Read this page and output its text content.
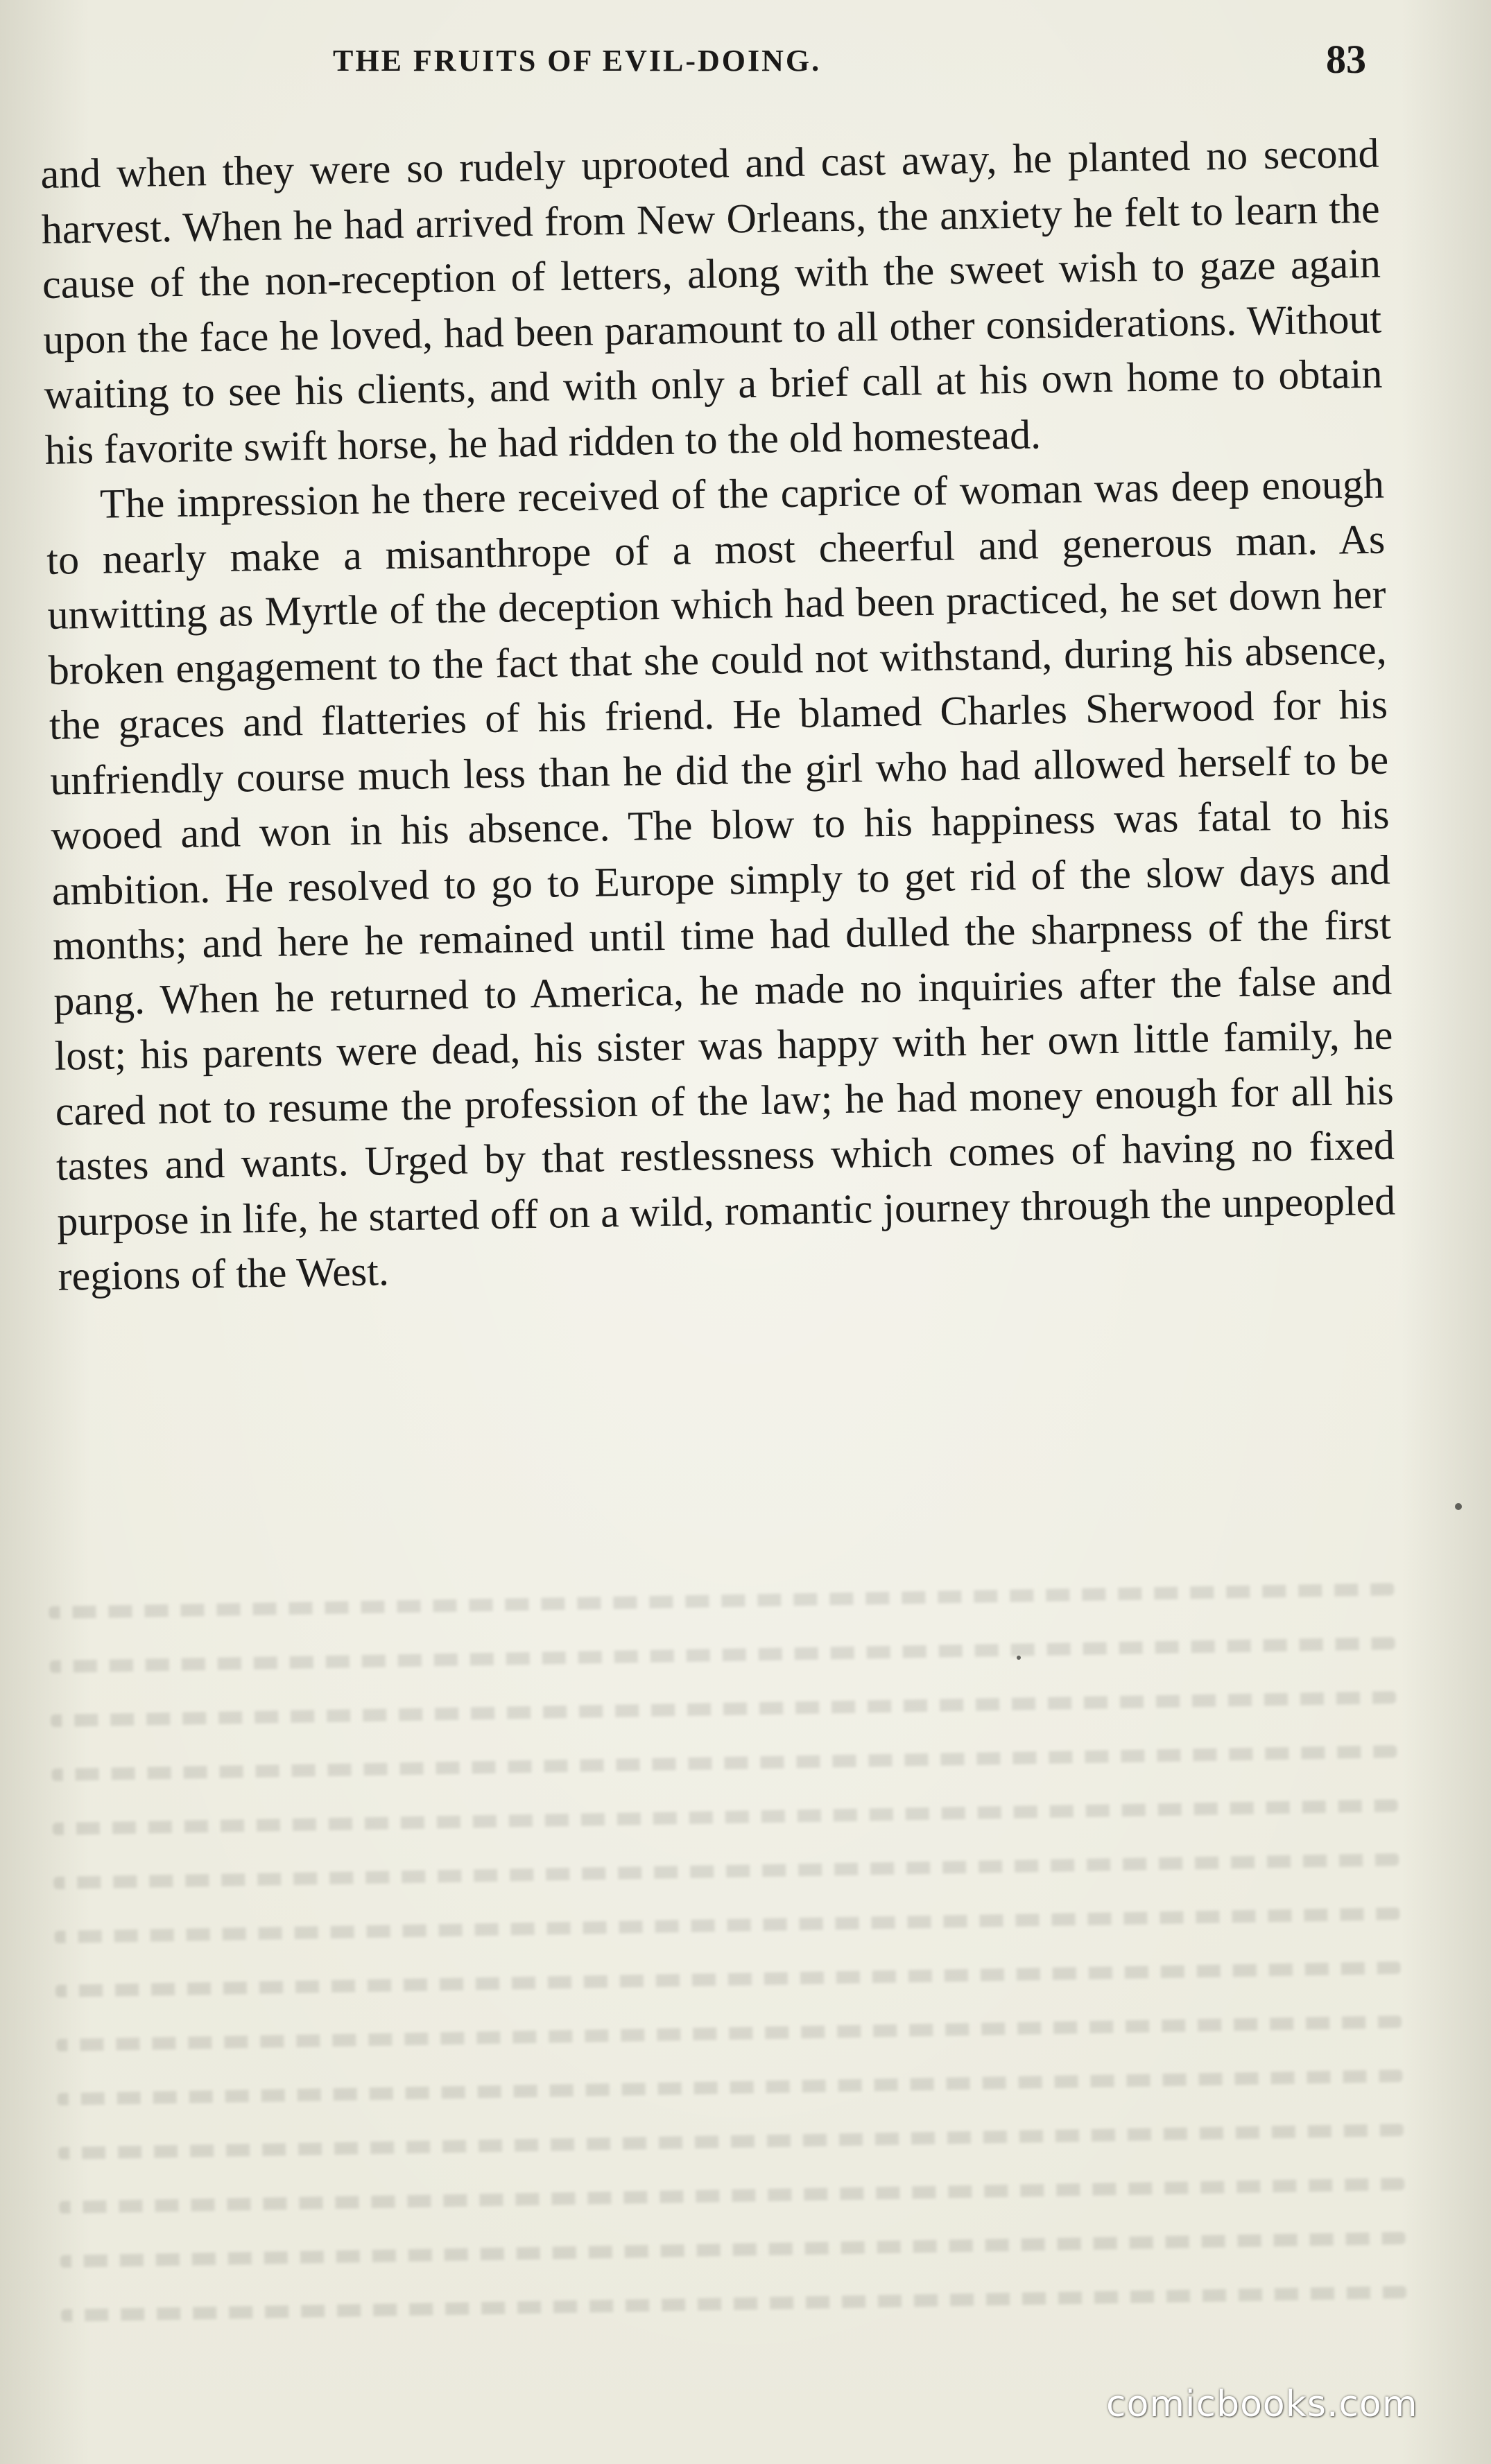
THE FRUITS OF EVIL-DOING.	83

and when they were so rudely uprooted and cast away, he planted no second harvest. When he had arrived from New Orleans, the anxiety he felt to learn the cause of the non-reception of letters, along with the sweet wish to gaze again upon the face he loved, had been paramount to all other considerations. Without waiting to see his clients, and with only a brief call at his own home to obtain his favorite swift horse, he had ridden to the old homestead.

The impression he there received of the caprice of woman was deep enough to nearly make a misanthrope of a most cheerful and generous man. As unwitting as Myrtle of the deception which had been practiced, he set down her broken engagement to the fact that she could not withstand, during his absence, the graces and flatteries of his friend. He blamed Charles Sherwood for his unfriendly course much less than he did the girl who had allowed herself to be wooed and won in his absence. The blow to his happiness was fatal to his ambition. He resolved to go to Europe simply to get rid of the slow days and months; and here he remained until time had dulled the sharpness of the first pang. When he returned to America, he made no inquiries after the false and lost; his parents were dead, his sister was happy with her own little family, he cared not to resume the profession of the law; he had money enough for all his tastes and wants. Urged by that restlessness which comes of having no fixed purpose in life, he started off on a wild, romantic journey through the unpeopled regions of the West.

comicbooks.com
